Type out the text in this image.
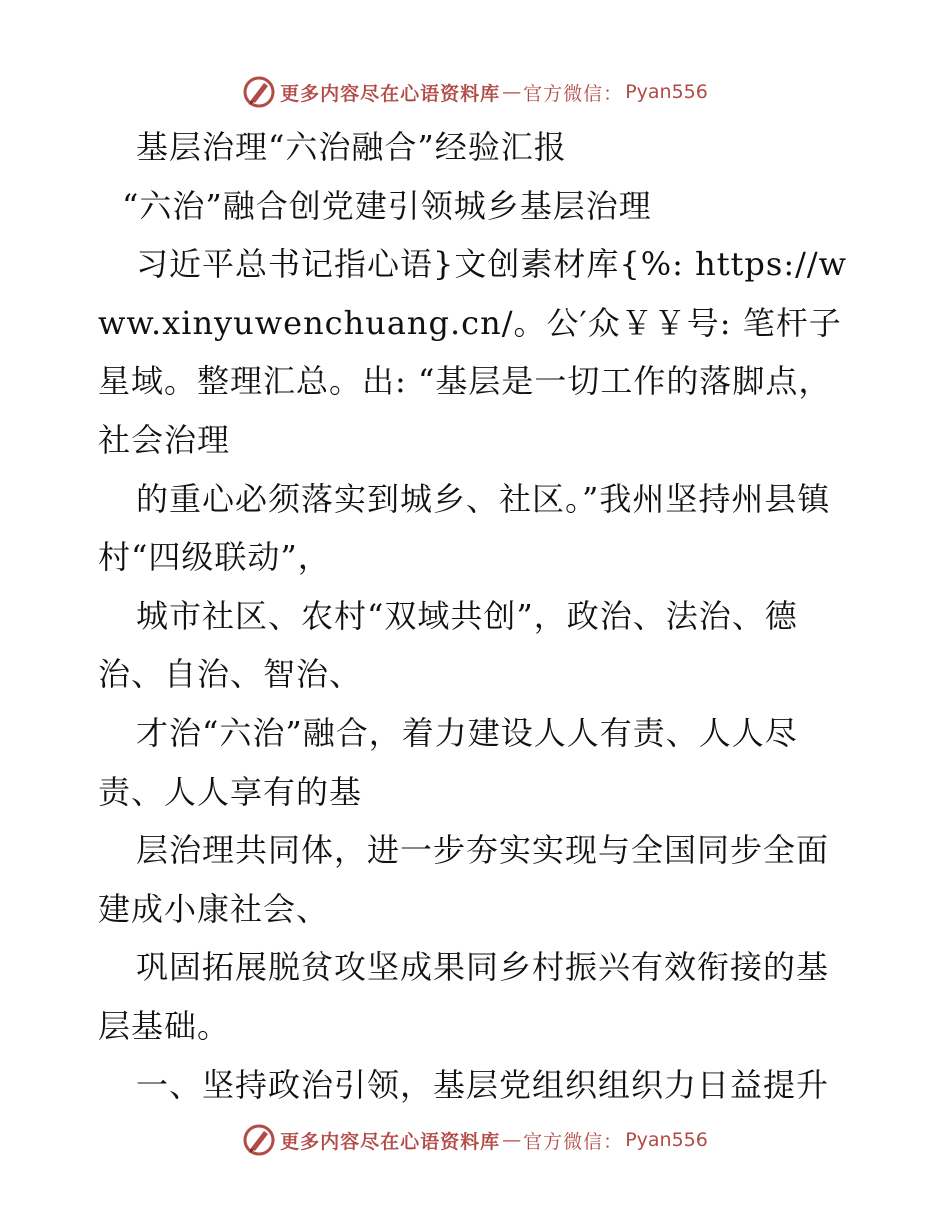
更多内容尽在心语资料库 — 官方微信： Pyan556

基层治理“六治融合”经验汇报

“六治”融合创党建引领城乡基层治理

习近平总书记指心语}文创素材库{%: https://www.xinyuwenchuang.cn/。公′众￥￥号: 笔杆子星域。整理汇总。出: “基层是一切工作的落脚点，社会治理

的重心必须落实到城乡、社区。”我州坚持州县镇村“四级联动”，

城市社区、农村“双域共创”，政治、法治、德治、自治、智治、

才治“六治”融合，着力建设人人有责、人人尽责、人人享有的基

层治理共同体，进一步夯实实现与全国同步全面建成小康社会、

巩固拓展脱贫攻坚成果同乡村振兴有效衔接的基层基础。

一、坚持政治引领，基层党组织组织力日益提升

更多内容尽在心语资料库 — 官方微信： Pyan556
